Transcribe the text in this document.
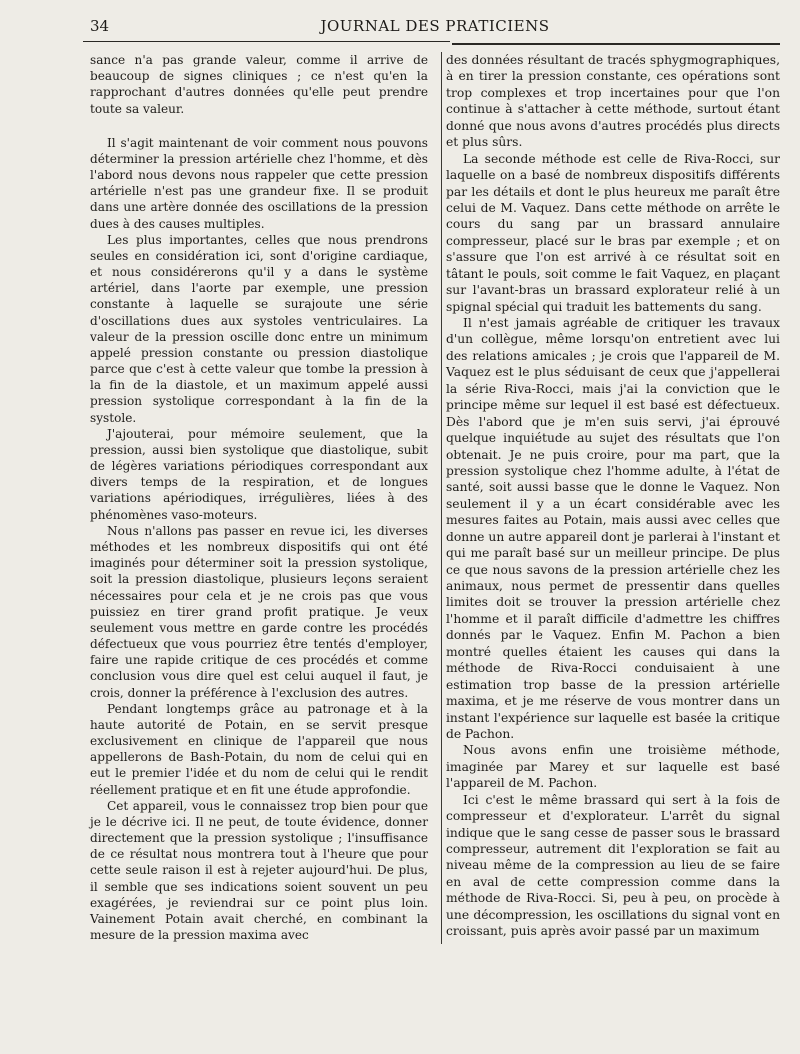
34	JOURNAL DES PRATICIENS

sance n'a pas grande valeur, comme il arrive de beaucoup de signes cliniques ; ce n'est qu'en la rapprochant d'autres données qu'elle peut prendre toute sa valeur.

Il s'agit maintenant de voir comment nous pouvons déterminer la pression artérielle chez l'homme, et dès l'abord nous devons nous rappeler que cette pression artérielle n'est pas une grandeur fixe. Il se produit dans une artère donnée des oscillations de la pression dues à des causes multiples.

Les plus importantes, celles que nous prendrons seules en considération ici, sont d'origine cardiaque, et nous considérerons qu'il y a dans le système artériel, dans l'aorte par exemple, une pression constante à laquelle se surajoute une série d'oscillations dues aux systoles ventriculaires. La valeur de la pression oscille donc entre un minimum appelé pression constante ou pression diastolique parce que c'est à cette valeur que tombe la pression à la fin de la diastole, et un maximum appelé aussi pression systolique correspondant à la fin de la systole.

J'ajouterai, pour mémoire seulement, que la pression, aussi bien systolique que diastolique, subit de légères variations périodiques correspondant aux divers temps de la respiration, et de longues variations apériodiques, irrégulières, liées à des phénomènes vaso-moteurs.

Nous n'allons pas passer en revue ici, les diverses méthodes et les nombreux dispositifs qui ont été imaginés pour déterminer soit la pression systolique, soit la pression diastolique, plusieurs leçons seraient nécessaires pour cela et je ne crois pas que vous puissiez en tirer grand profit pratique. Je veux seulement vous mettre en garde contre les procédés défectueux que vous pourriez être tentés d'employer, faire une rapide critique de ces procédés et comme conclusion vous dire quel est celui auquel il faut, je crois, donner la préférence à l'exclusion des autres.

Pendant longtemps grâce au patronage et à la haute autorité de Potain, en se servit presque exclusivement en clinique de l'appareil que nous appellerons de Bash-Potain, du nom de celui qui en eut le premier l'idée et du nom de celui qui le rendit réellement pratique et en fit une étude approfondie.

Cet appareil, vous le connaissez trop bien pour que je le décrive ici. Il ne peut, de toute évidence, donner directement que la pression systolique ; l'insuffisance de ce résultat nous montrera tout à l'heure que pour cette seule raison il est à rejeter aujourd'hui. De plus, il semble que ses indications soient souvent un peu exagérées, je reviendrai sur ce point plus loin. Vainement Potain avait cherché, en combinant la mesure de la pression maxima avec

des données résultant de tracés sphygmographiques, à en tirer la pression constante, ces opérations sont trop complexes et trop incertaines pour que l'on continue à s'attacher à cette méthode, surtout étant donné que nous avons d'autres procédés plus directs et plus sûrs.

La seconde méthode est celle de Riva-Rocci, sur laquelle on a basé de nombreux dispositifs différents par les détails et dont le plus heureux me paraît être celui de M. Vaquez. Dans cette méthode on arrête le cours du sang par un brassard annulaire compresseur, placé sur le bras par exemple ; et on s'assure que l'on est arrivé à ce résultat soit en tâtant le pouls, soit comme le fait Vaquez, en plaçant sur l'avant-bras un brassard explorateur relié à un spignal spécial qui traduit les battements du sang.

Il n'est jamais agréable de critiquer les travaux d'un collègue, même lorsqu'on entretient avec lui des relations amicales ; je crois que l'appareil de M. Vaquez est le plus séduisant de ceux que j'appellerai la série Riva-Rocci, mais j'ai la conviction que le principe même sur lequel il est basé est défectueux. Dès l'abord que je m'en suis servi, j'ai éprouvé quelque inquiétude au sujet des résultats que l'on obtenait. Je ne puis croire, pour ma part, que la pression systolique chez l'homme adulte, à l'état de santé, soit aussi basse que le donne le Vaquez. Non seulement il y a un écart considérable avec les mesures faites au Potain, mais aussi avec celles que donne un autre appareil dont je parlerai à l'instant et qui me paraît basé sur un meilleur principe. De plus ce que nous savons de la pression artérielle chez les animaux, nous permet de pressentir dans quelles limites doit se trouver la pression artérielle chez l'homme et il paraît difficile d'admettre les chiffres donnés par le Vaquez. Enfin M. Pachon a bien montré quelles étaient les causes qui dans la méthode de Riva-Rocci conduisaient à une estimation trop basse de la pression artérielle maxima, et je me réserve de vous montrer dans un instant l'expérience sur laquelle est basée la critique de Pachon.

Nous avons enfin une troisième méthode, imaginée par Marey et sur laquelle est basé l'appareil de M. Pachon.

Ici c'est le même brassard qui sert à la fois de compresseur et d'explorateur. L'arrêt du signal indique que le sang cesse de passer sous le brassard compresseur, autrement dit l'exploration se fait au niveau même de la compression au lieu de se faire en aval de cette compression comme dans la méthode de Riva-Rocci. Si, peu à peu, on procède à une décompression, les oscillations du signal vont en croissant, puis après avoir passé par un maximum
